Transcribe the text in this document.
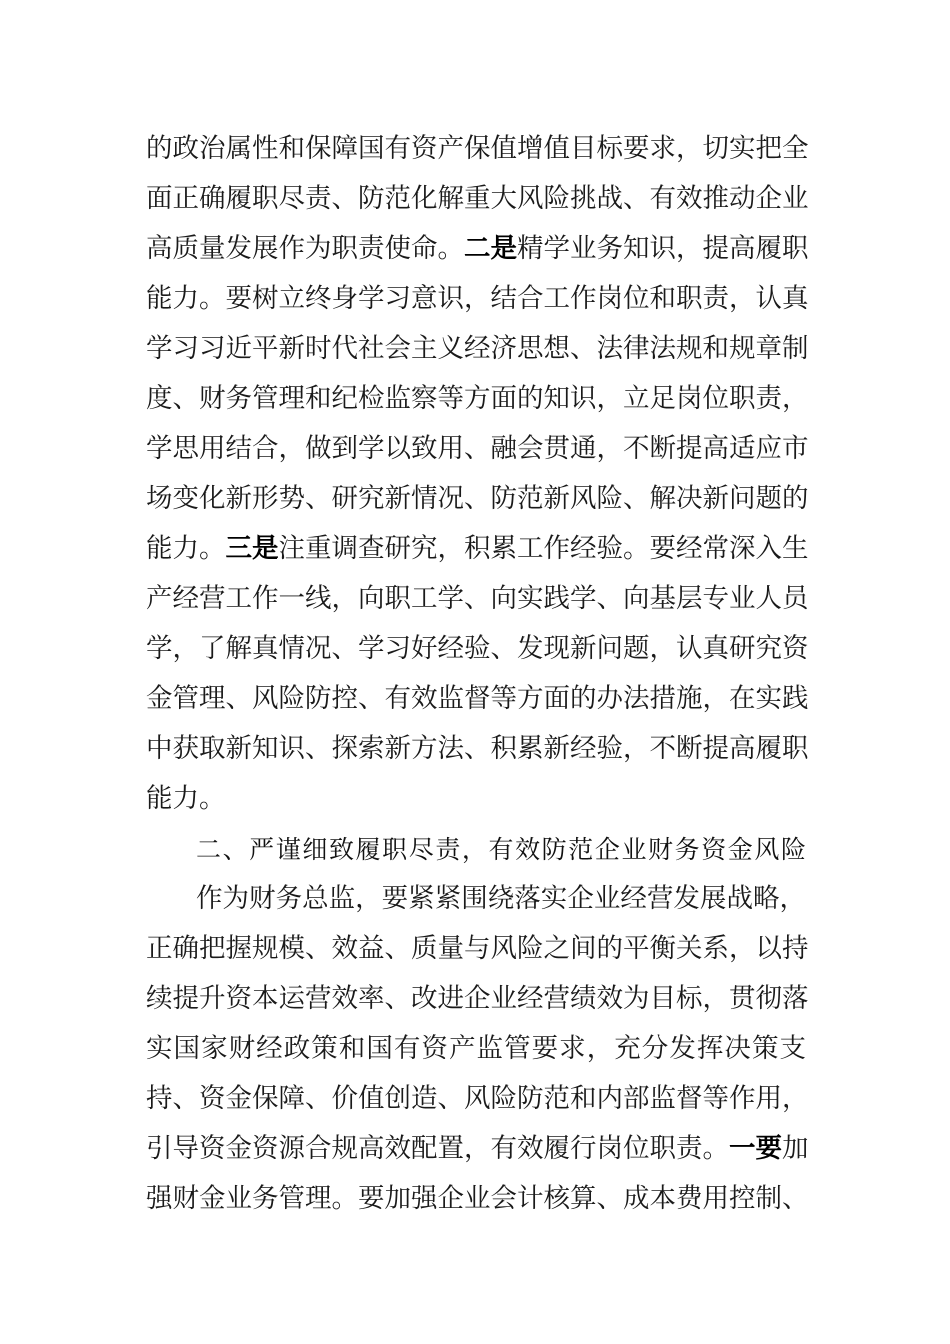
的政治属性和保障国有资产保值增值目标要求，切实把全
面正确履职尽责、防范化解重大风险挑战、有效推动企业
高质量发展作为职责使命。二是精学业务知识，提高履职
能力。要树立终身学习意识，结合工作岗位和职责，认真
学习习近平新时代社会主义经济思想、法律法规和规章制
度、财务管理和纪检监察等方面的知识，立足岗位职责，
学思用结合，做到学以致用、融会贯通，不断提高适应市
场变化新形势、研究新情况、防范新风险、解决新问题的
能力。三是注重调查研究，积累工作经验。要经常深入生
产经营工作一线，向职工学、向实践学、向基层专业人员
学，了解真情况、学习好经验、发现新问题，认真研究资
金管理、风险防控、有效监督等方面的办法措施，在实践
中获取新知识、探索新方法、积累新经验，不断提高履职
能力。
二、严谨细致履职尽责，有效防范企业财务资金风险
作为财务总监，要紧紧围绕落实企业经营发展战略，
正确把握规模、效益、质量与风险之间的平衡关系，以持
续提升资本运营效率、改进企业经营绩效为目标，贯彻落
实国家财经政策和国有资产监管要求，充分发挥决策支
持、资金保障、价值创造、风险防范和内部监督等作用，
引导资金资源合规高效配置，有效履行岗位职责。一要加
强财金业务管理。要加强企业会计核算、成本费用控制、
